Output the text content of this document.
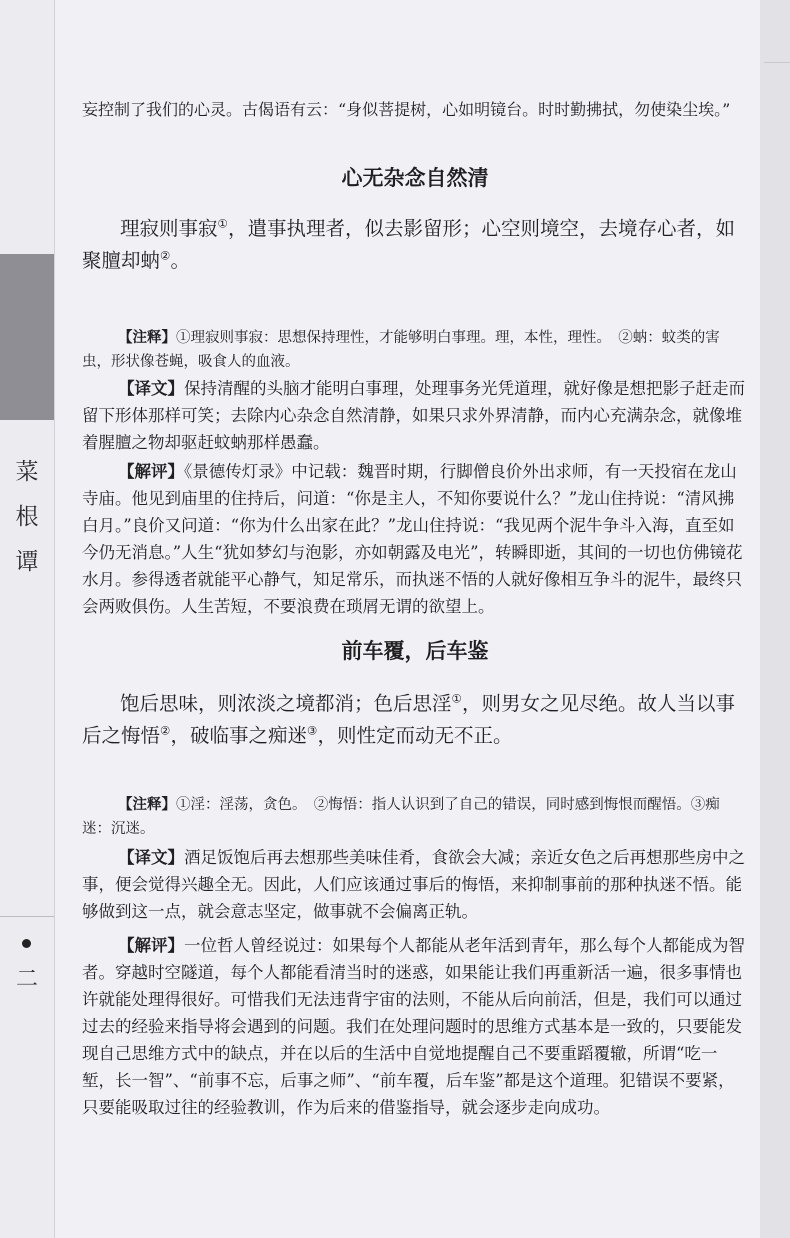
菜
根
谭
二
妄控制了我们的心灵。古偈语有云：“身似菩提树，心如明镜台。时时勤拂拭，勿使染尘埃。”
心无杂念自然清
理寂则事寂①，遣事执理者，似去影留形；心空则境空，去境存心者，如聚膻却蚋②。
【注释】①理寂则事寂：思想保持理性，才能够明白事理。理，本性，理性。　②蚋：蚊类的害虫，形状像苍蝇，吸食人的血液。
【译文】保持清醒的头脑才能明白事理，处理事务光凭道理，就好像是想把影子赶走而留下形体那样可笑；去除内心杂念自然清静，如果只求外界清静，而内心充满杂念，就像堆着腥膻之物却驱赶蚊蚋那样愚蠢。
【解评】《景德传灯录》中记载：魏晋时期，行脚僧良价外出求师，有一天投宿在龙山寺庙。他见到庙里的住持后，问道：“你是主人，不知你要说什么？”龙山住持说：“清风拂白月。”良价又问道：“你为什么出家在此？”龙山住持说：“我见两个泥牛争斗入海，直至如今仍无消息。”人生“犹如梦幻与泡影，亦如朝露及电光”，转瞬即逝，其间的一切也仿佛镜花水月。参得透者就能平心静气，知足常乐，而执迷不悟的人就好像相互争斗的泥牛，最终只会两败俱伤。人生苦短，不要浪费在琐屑无谓的欲望上。
前车覆，后车鉴
饱后思味，则浓淡之境都消；色后思淫①，则男女之见尽绝。故人当以事后之悔悟②，破临事之痴迷③，则性定而动无不正。
【注释】①淫：淫荡，贪色。　②悔悟：指人认识到了自己的错误，同时感到悔恨而醒悟。③痴迷：沉迷。
【译文】酒足饭饱后再去想那些美味佳肴，食欲会大减；亲近女色之后再想那些房中之事，便会觉得兴趣全无。因此，人们应该通过事后的悔悟，来抑制事前的那种执迷不悟。能够做到这一点，就会意志坚定，做事就不会偏离正轨。
【解评】一位哲人曾经说过：如果每个人都能从老年活到青年，那么每个人都能成为智者。穿越时空隧道，每个人都能看清当时的迷惑，如果能让我们再重新活一遍，很多事情也许就能处理得很好。可惜我们无法违背宇宙的法则，不能从后向前活，但是，我们可以通过过去的经验来指导将会遇到的问题。我们在处理问题时的思维方式基本是一致的，只要能发现自己思维方式中的缺点，并在以后的生活中自觉地提醒自己不要重蹈覆辙，所谓“吃一堑，长一智”、“前事不忘，后事之师”、“前车覆，后车鉴”都是这个道理。犯错误不要紧，只要能吸取过往的经验教训，作为后来的借鉴指导，就会逐步走向成功。
